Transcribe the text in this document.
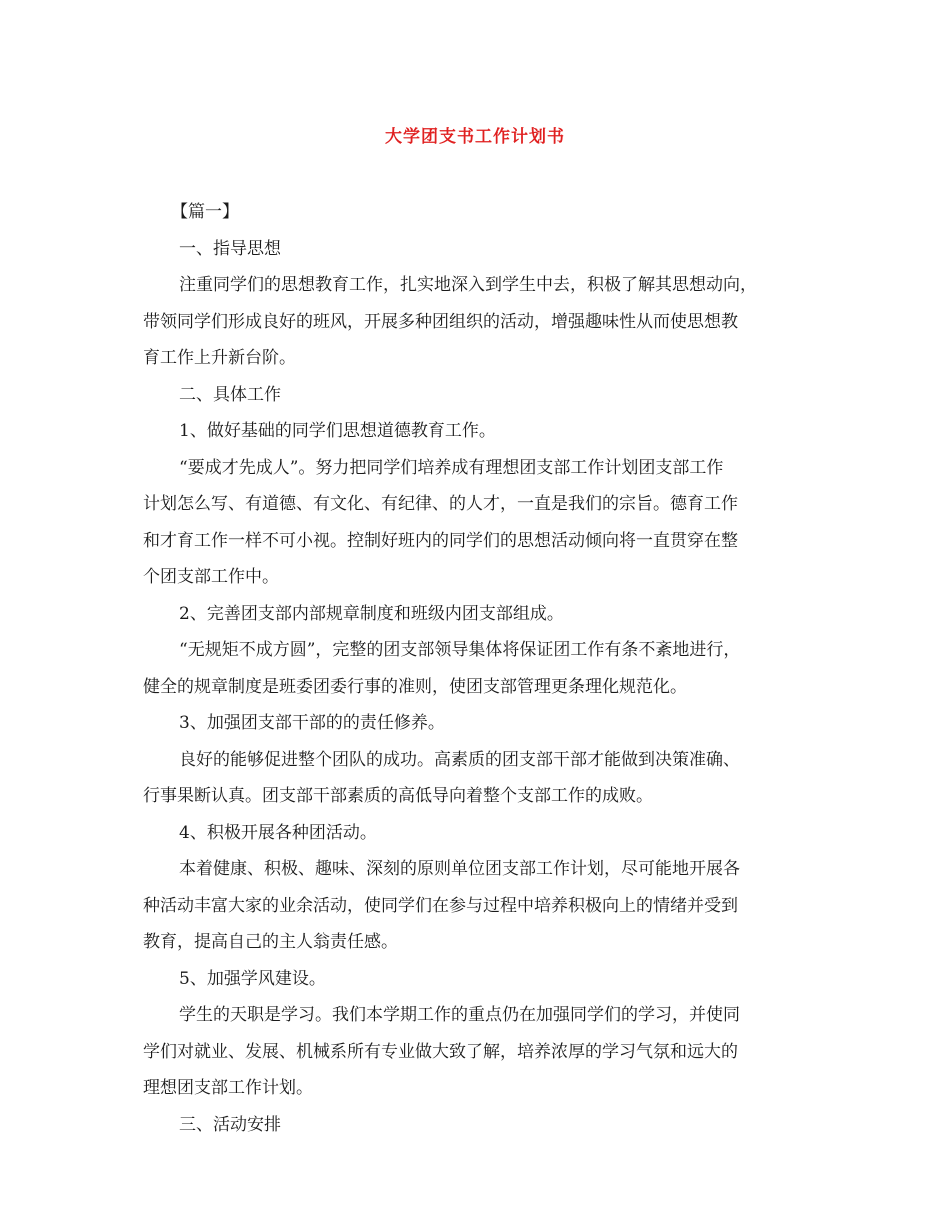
大学团支书工作计划书
【篇一】
一、指导思想
注重同学们的思想教育工作，扎实地深入到学生中去，积极了解其思想动向，
带领同学们形成良好的班风，开展多种团组织的活动，增强趣味性从而使思想教
育工作上升新台阶。
二、具体工作
1、做好基础的同学们思想道德教育工作。
“要成才先成人”。努力把同学们培养成有理想团支部工作计划团支部工作
计划怎么写、有道德、有文化、有纪律、的人才，一直是我们的宗旨。德育工作
和才育工作一样不可小视。控制好班内的同学们的思想活动倾向将一直贯穿在整
个团支部工作中。
2、完善团支部内部规章制度和班级内团支部组成。
“无规矩不成方圆”，完整的团支部领导集体将保证团工作有条不紊地进行，
健全的规章制度是班委团委行事的准则，使团支部管理更条理化规范化。
3、加强团支部干部的的责任修养。
良好的能够促进整个团队的成功。高素质的团支部干部才能做到决策准确、
行事果断认真。团支部干部素质的高低导向着整个支部工作的成败。
4、积极开展各种团活动。
本着健康、积极、趣味、深刻的原则单位团支部工作计划，尽可能地开展各
种活动丰富大家的业余活动，使同学们在参与过程中培养积极向上的情绪并受到
教育，提高自己的主人翁责任感。
5、加强学风建设。
学生的天职是学习。我们本学期工作的重点仍在加强同学们的学习，并使同
学们对就业、发展、机械系所有专业做大致了解，培养浓厚的学习气氛和远大的
理想团支部工作计划。
三、活动安排
